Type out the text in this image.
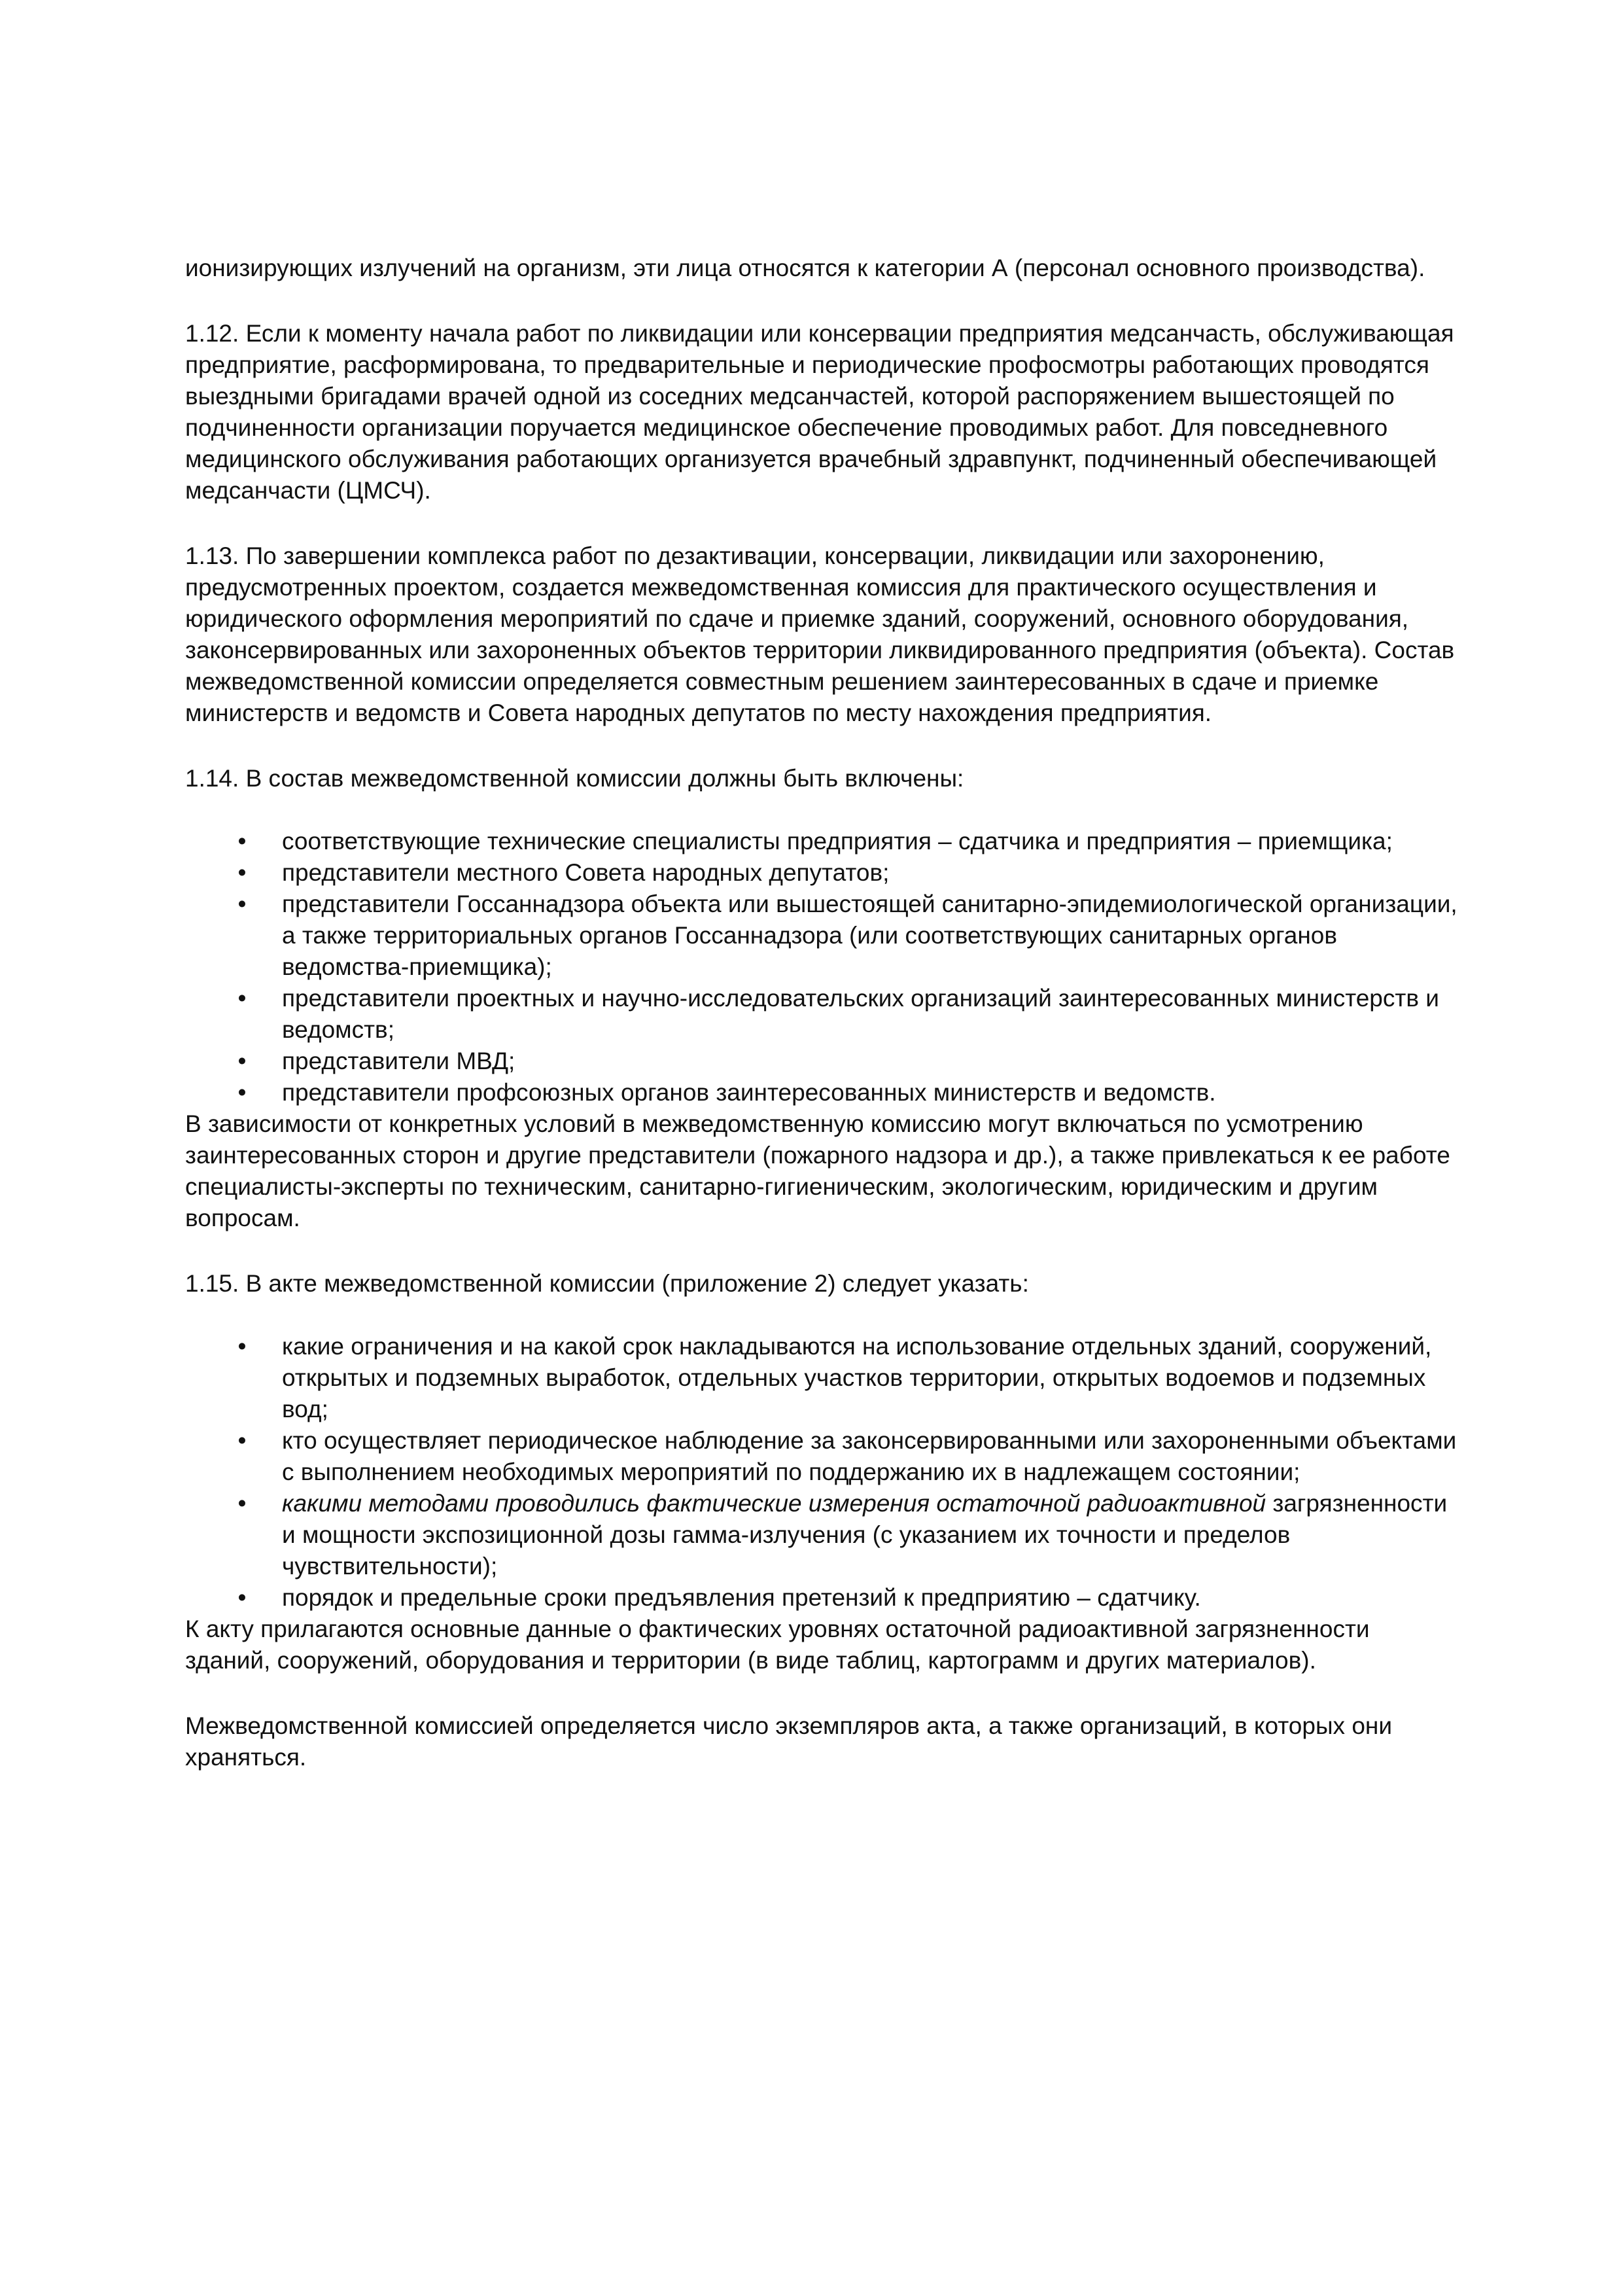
ионизирующих излучений на организм, эти лица относятся к категории А (персонал основного производства).

1.12. Если к моменту начала работ по ликвидации или консервации предприятия медсанчасть, обслуживающая предприятие, расформирована, то предварительные и периодические профосмотры работающих проводятся выездными бригадами врачей одной из соседних медсанчастей, которой распоряжением вышестоящей по подчиненности организации поручается медицинское обеспечение проводимых работ. Для повседневного медицинского обслуживания работающих организуется врачебный здравпункт, подчиненный обеспечивающей медсанчасти (ЦМСЧ).

1.13. По завершении комплекса работ по дезактивации, консервации, ликвидации или захоронению, предусмотренных проектом, создается межведомственная комиссия для практического осуществления и юридического оформления мероприятий по сдаче и приемке зданий, сооружений, основного оборудования, законсервированных или захороненных объектов территории ликвидированного предприятия (объекта). Состав межведомственной комиссии определяется совместным решением заинтересованных в сдаче и приемке министерств и ведомств и Совета народных депутатов по месту нахождения предприятия.

1.14. В состав межведомственной комиссии должны быть включены:

• соответствующие технические специалисты предприятия – сдатчика и предприятия – приемщика;
• представители местного Совета народных депутатов;
• представители Госсаннадзора объекта или вышестоящей санитарно-эпидемиологической организации, а также территориальных органов Госсаннадзора (или соответствующих санитарных органов ведомства-приемщика);
• представители проектных и научно-исследовательских организаций заинтересованных министерств и ведомств;
• представители МВД;
• представители профсоюзных органов заинтересованных министерств и ведомств.

В зависимости от конкретных условий в межведомственную комиссию могут включаться по усмотрению заинтересованных сторон и другие представители (пожарного надзора и др.), а также привлекаться к ее работе специалисты-эксперты по техническим, санитарно-гигиеническим, экологическим, юридическим и другим вопросам.

1.15. В акте межведомственной комиссии (приложение 2) следует указать:

• какие ограничения и на какой срок накладываются на использование отдельных зданий, сооружений, открытых и подземных выработок, отдельных участков территории, открытых водоемов и подземных вод;
• кто осуществляет периодическое наблюдение за законсервированными или захороненными объектами с выполнением необходимых мероприятий по поддержанию их в надлежащем состоянии;
• какими методами проводились фактические измерения остаточной радиоактивной загрязненности и мощности экспозиционной дозы гамма-излучения (с указанием их точности и пределов чувствительности);
• порядок и предельные сроки предъявления претензий к предприятию – сдатчику.

К акту прилагаются основные данные о фактических уровнях остаточной радиоактивной загрязненности зданий, сооружений, оборудования и территории (в виде таблиц, картограмм и других материалов).

Межведомственной комиссией определяется число экземпляров акта, а также организаций, в которых они храняться.
